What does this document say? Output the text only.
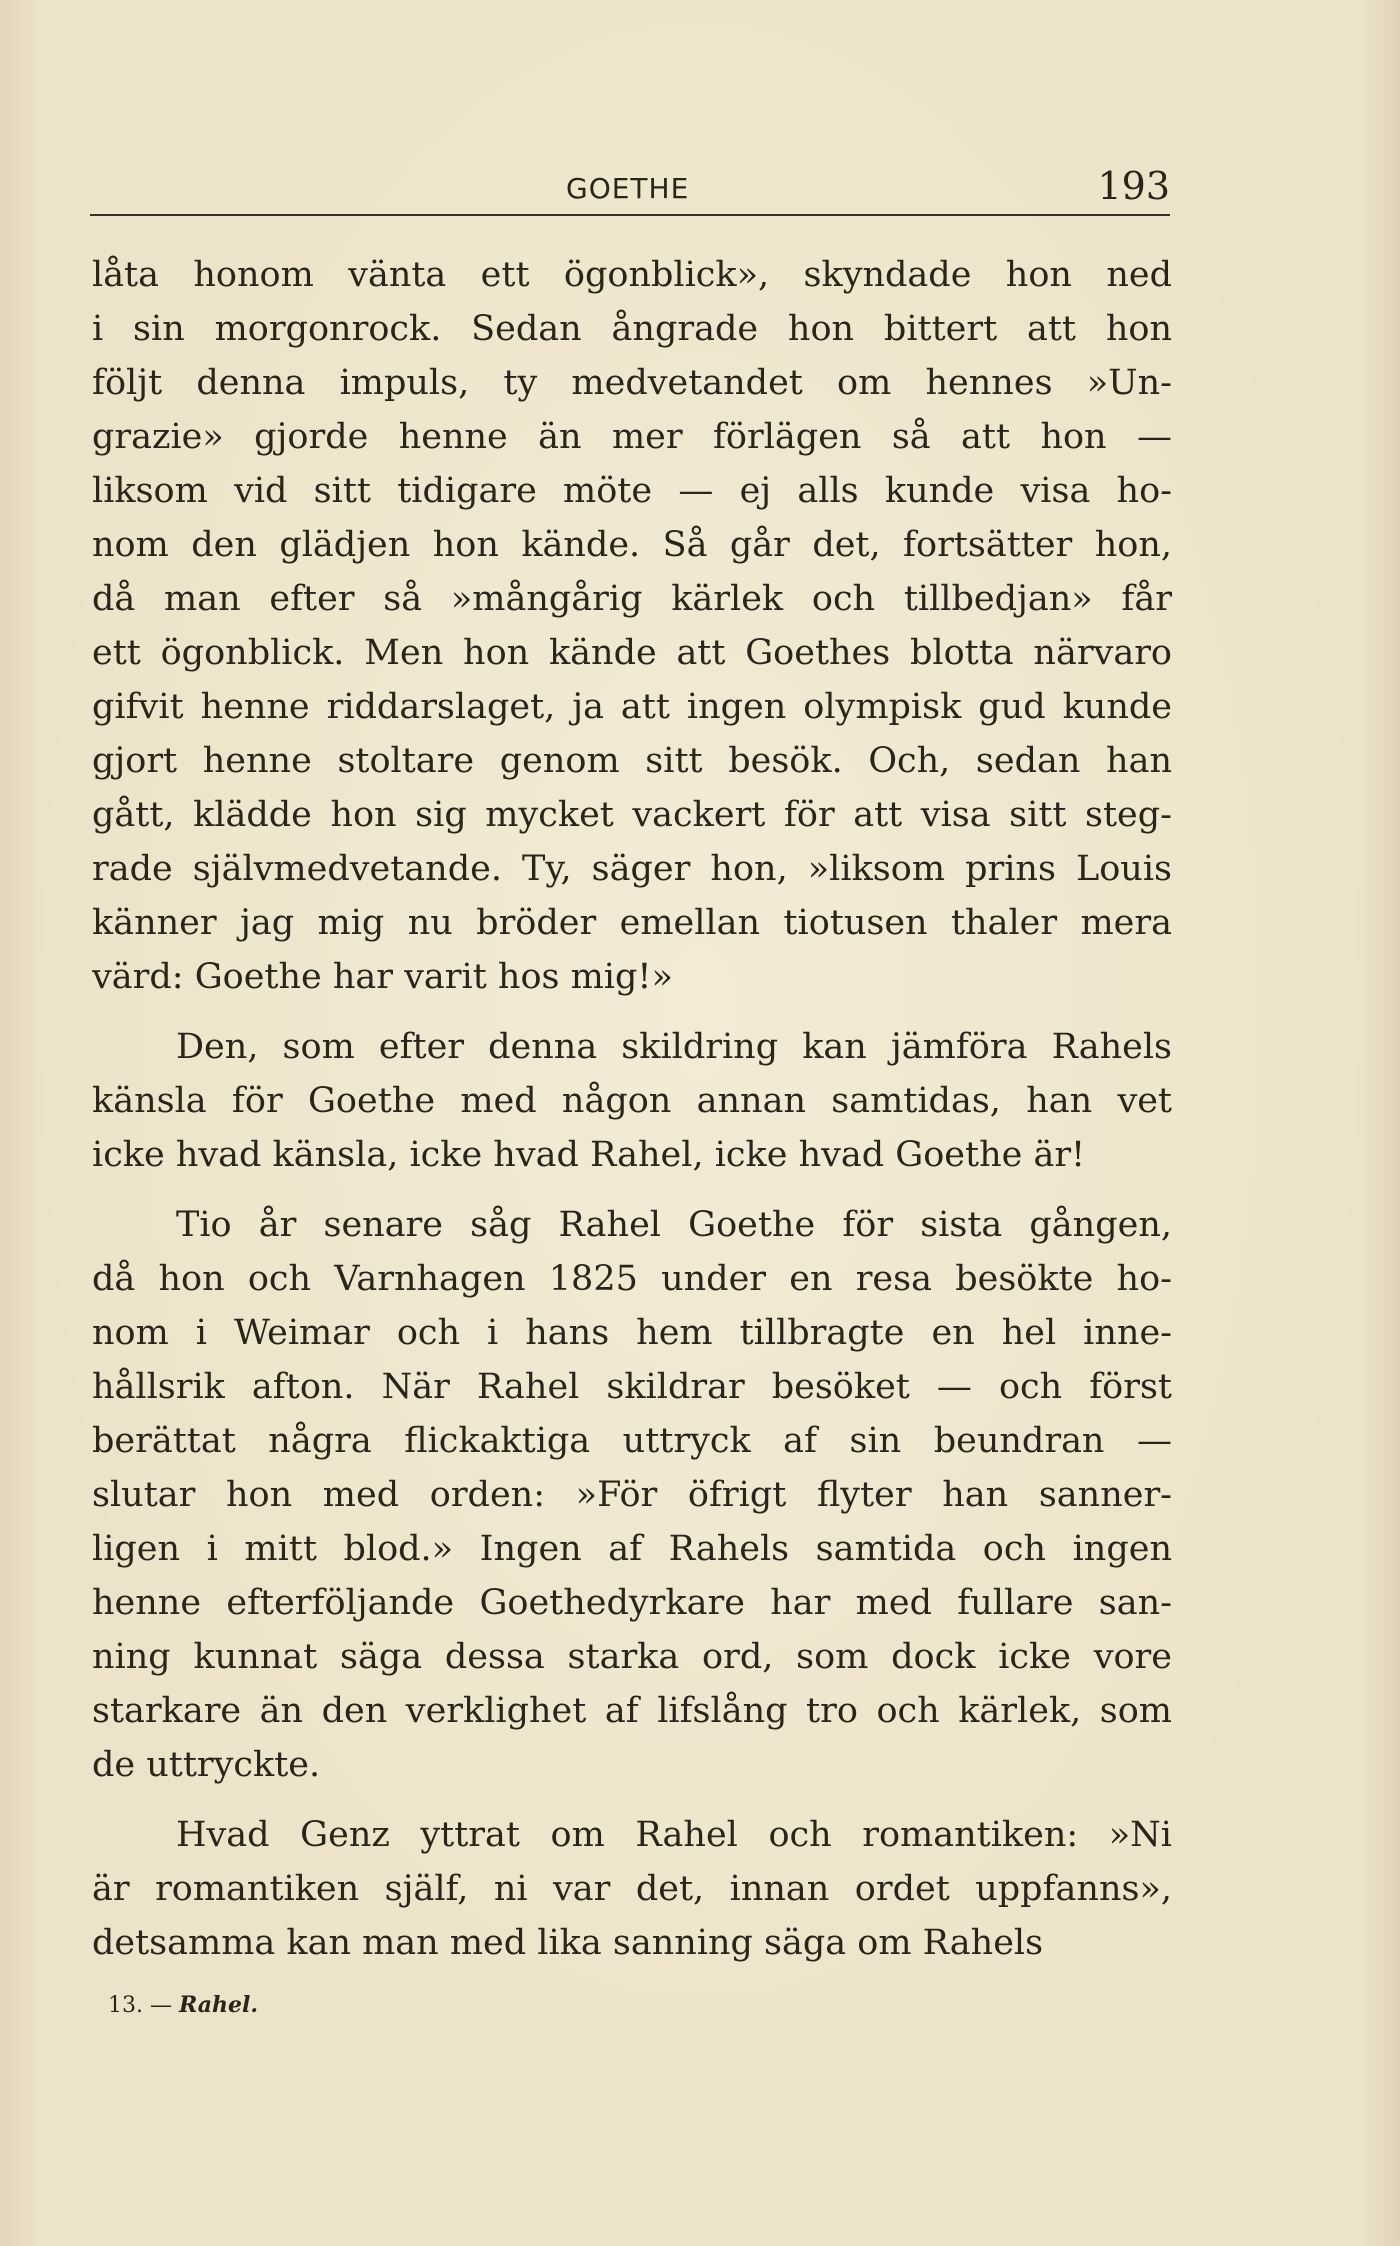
GOETHE	193
låta honom vänta ett ögonblick», skyndade hon ned
i sin morgonrock. Sedan ångrade hon bittert att hon
följt denna impuls, ty medvetandet om hennes »Un-
grazie» gjorde henne än mer förlägen så att hon —
liksom vid sitt tidigare möte — ej alls kunde visa ho-
nom den glädjen hon kände. Så går det, fortsätter hon,
då man efter så »mångårig kärlek och tillbedjan» får
ett ögonblick. Men hon kände att Goethes blotta närvaro
gifvit henne riddarslaget, ja att ingen olympisk gud kunde
gjort henne stoltare genom sitt besök. Och, sedan han
gått, klädde hon sig mycket vackert för att visa sitt steg-
rade självmedvetande. Ty, säger hon, »liksom prins Louis
känner jag mig nu bröder emellan tiotusen thaler mera
värd: Goethe har varit hos mig!»
Den, som efter denna skildring kan jämföra Rahels
känsla för Goethe med någon annan samtidas, han vet
icke hvad känsla, icke hvad Rahel, icke hvad Goethe är!
Tio år senare såg Rahel Goethe för sista gången,
då hon och Varnhagen 1825 under en resa besökte ho-
nom i Weimar och i hans hem tillbragte en hel inne-
hållsrik afton. När Rahel skildrar besöket — och först
berättat några flickaktiga uttryck af sin beundran —
slutar hon med orden: »För öfrigt flyter han sanner-
ligen i mitt blod.» Ingen af Rahels samtida och ingen
henne efterföljande Goethedyrkare har med fullare san-
ning kunnat säga dessa starka ord, som dock icke vore
starkare än den verklighet af lifslång tro och kärlek, som
de uttryckte.
Hvad Genz yttrat om Rahel och romantiken: »Ni
är romantiken själf, ni var det, innan ordet uppfanns»,
detsamma kan man med lika sanning säga om Rahels
13. — Rahel.
